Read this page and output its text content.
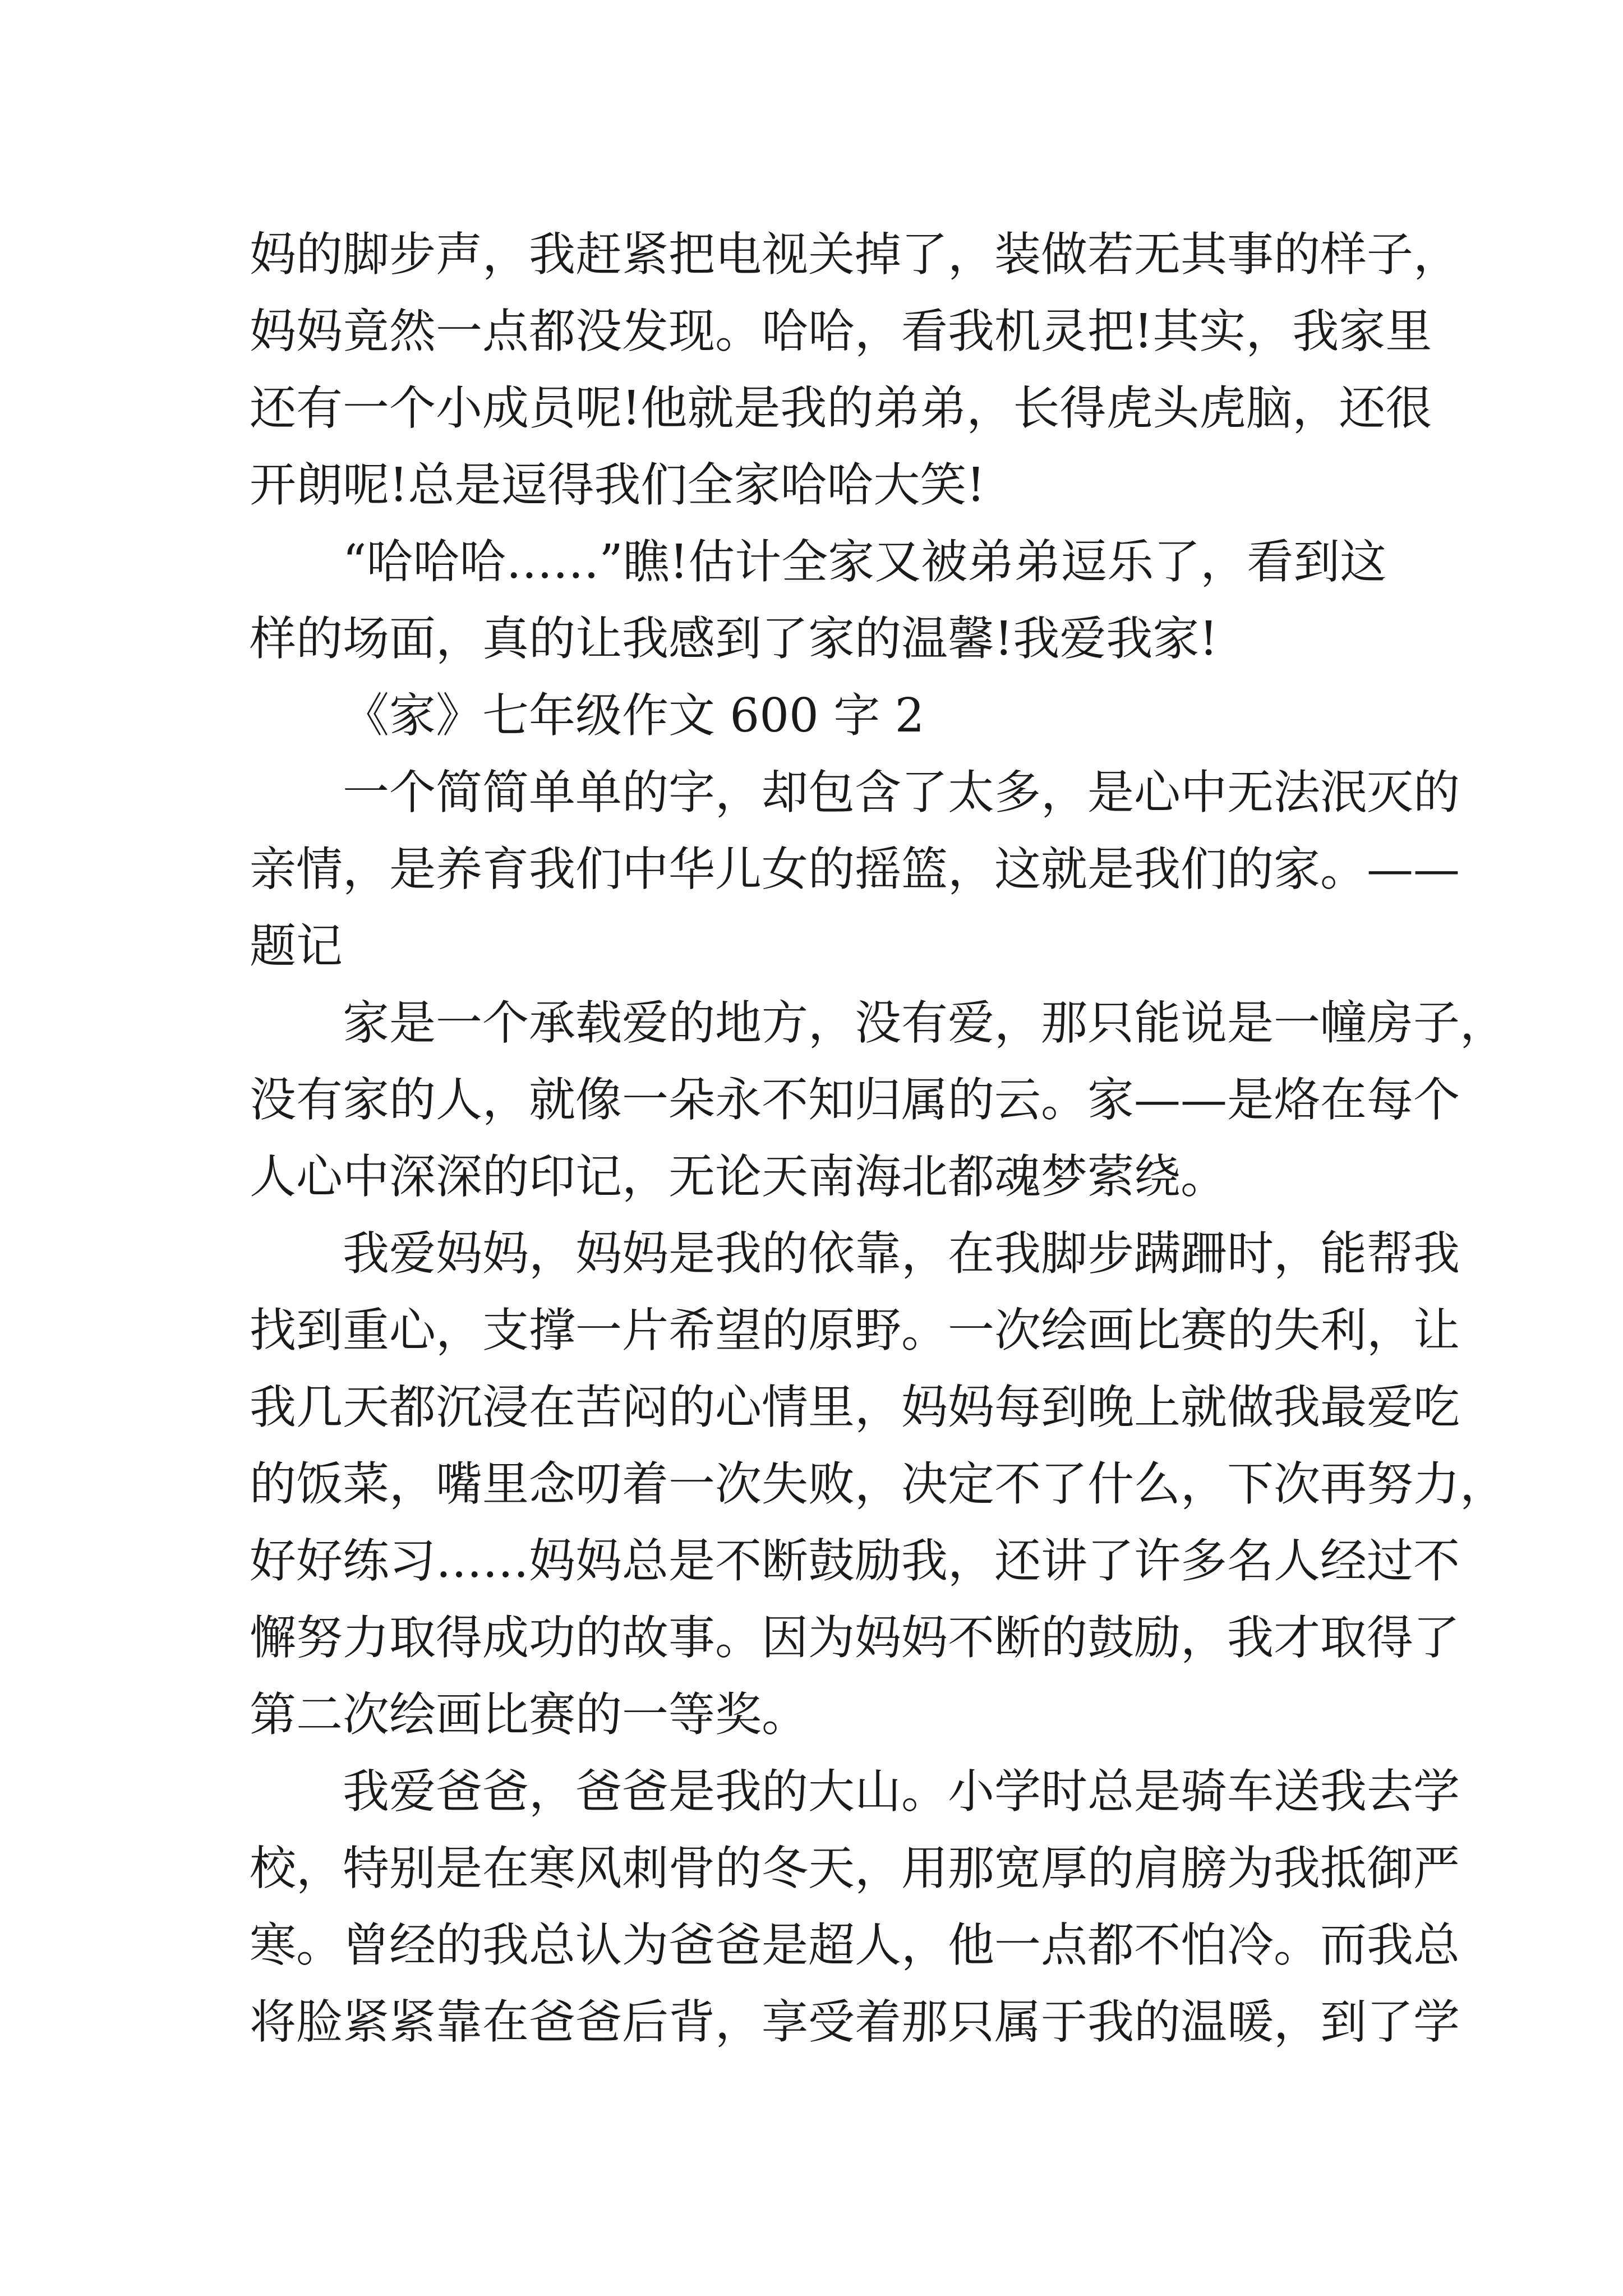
妈的脚步声，我赶紧把电视关掉了，装做若无其事的样子，
妈妈竟然一点都没发现。哈哈，看我机灵把!其实，我家里
还有一个小成员呢!他就是我的弟弟，长得虎头虎脑，还很
开朗呢!总是逗得我们全家哈哈大笑!
“哈哈哈……”瞧!估计全家又被弟弟逗乐了，看到这
样的场面，真的让我感到了家的温馨!我爱我家!
《家》七年级作文 600 字 2
一个简简单单的字，却包含了太多，是心中无法泯灭的
亲情，是养育我们中华儿女的摇篮，这就是我们的家。——
题记
家是一个承载爱的地方，没有爱，那只能说是一幢房子，
没有家的人，就像一朵永不知归属的云。家——是烙在每个
人心中深深的印记，无论天南海北都魂梦萦绕。
我爱妈妈，妈妈是我的依靠，在我脚步蹒跚时，能帮我
找到重心，支撑一片希望的原野。一次绘画比赛的失利，让
我几天都沉浸在苦闷的心情里，妈妈每到晚上就做我最爱吃
的饭菜，嘴里念叨着一次失败，决定不了什么，下次再努力，
好好练习……妈妈总是不断鼓励我，还讲了许多名人经过不
懈努力取得成功的故事。因为妈妈不断的鼓励，我才取得了
第二次绘画比赛的一等奖。
我爱爸爸，爸爸是我的大山。小学时总是骑车送我去学
校，特别是在寒风刺骨的冬天，用那宽厚的肩膀为我抵御严
寒。曾经的我总认为爸爸是超人，他一点都不怕冷。而我总
将脸紧紧靠在爸爸后背，享受着那只属于我的温暖，到了学
